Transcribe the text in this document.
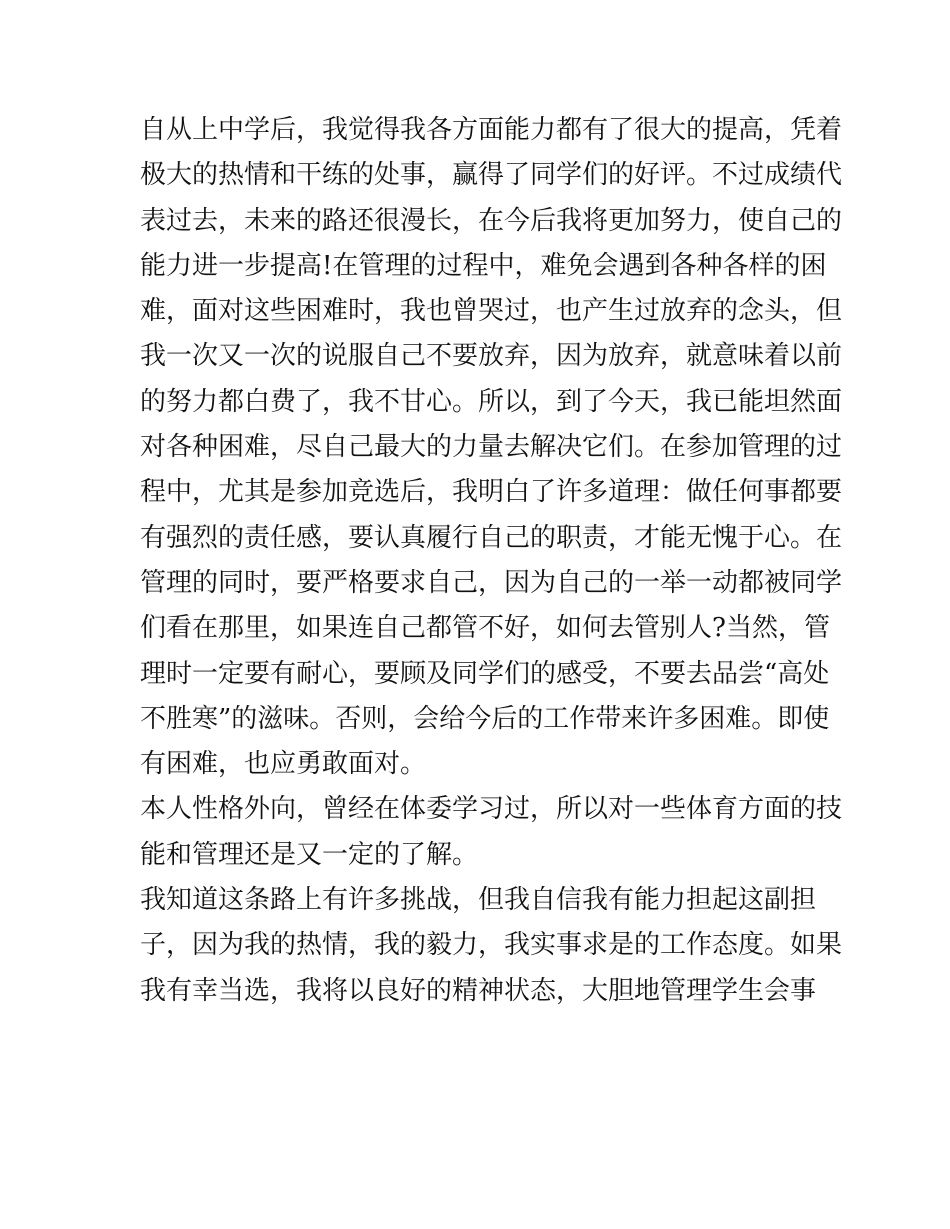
自从上中学后，我觉得我各方面能力都有了很大的提高，凭着
极大的热情和干练的处事，赢得了同学们的好评。不过成绩代
表过去，未来的路还很漫长，在今后我将更加努力，使自己的
能力进一步提高!在管理的过程中，难免会遇到各种各样的困
难，面对这些困难时，我也曾哭过，也产生过放弃的念头，但
我一次又一次的说服自己不要放弃，因为放弃，就意味着以前
的努力都白费了，我不甘心。所以，到了今天，我已能坦然面
对各种困难，尽自己最大的力量去解决它们。在参加管理的过
程中，尤其是参加竞选后，我明白了许多道理：做任何事都要
有强烈的责任感，要认真履行自己的职责，才能无愧于心。在
管理的同时，要严格要求自己，因为自己的一举一动都被同学
们看在那里，如果连自己都管不好，如何去管别人?当然，管
理时一定要有耐心，要顾及同学们的感受，不要去品尝“高处
不胜寒”的滋味。否则，会给今后的工作带来许多困难。即使
有困难，也应勇敢面对。
本人性格外向，曾经在体委学习过，所以对一些体育方面的技
能和管理还是又一定的了解。
我知道这条路上有许多挑战，但我自信我有能力担起这副担
子，因为我的热情，我的毅力，我实事求是的工作态度。如果
我有幸当选，我将以良好的精神状态，大胆地管理学生会事
